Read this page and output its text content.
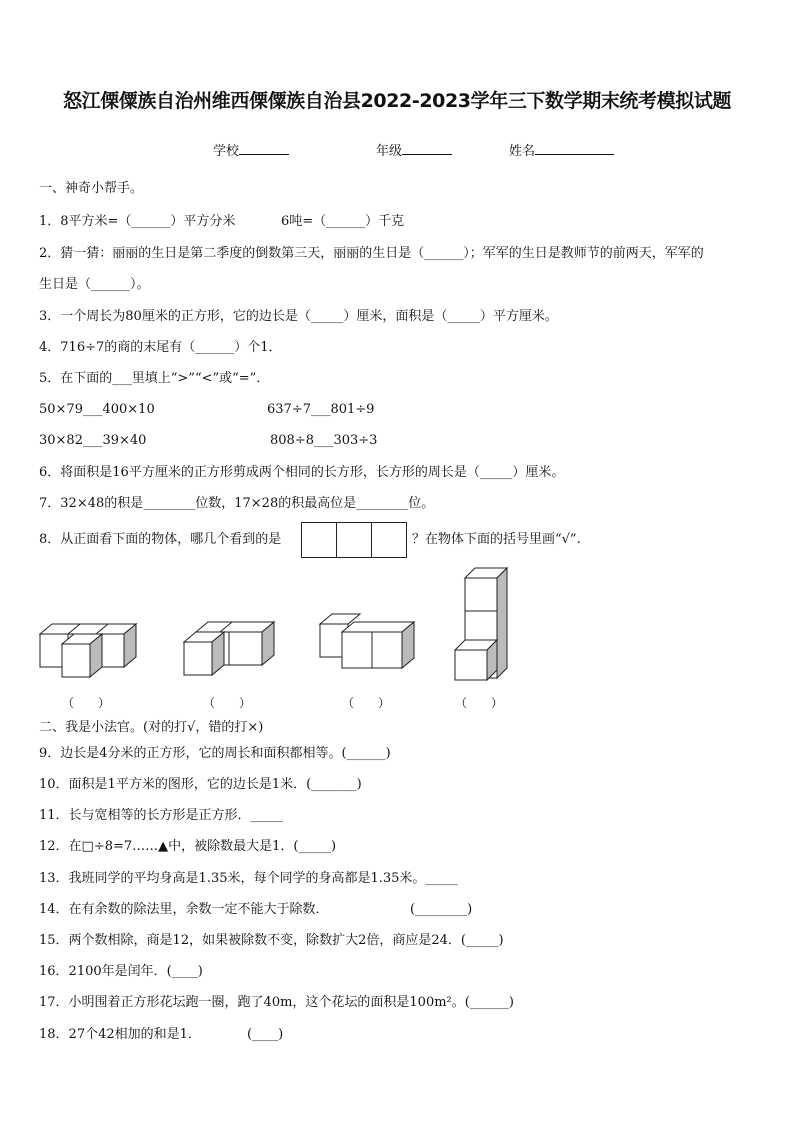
怒江傈僳族自治州维西傈僳族自治县2022-2023学年三下数学期末统考模拟试题
学校	年级	姓名
一、神奇小帮手。
1．8平方米=（______）平方分米	6吨=（______）千克
2．猜一猜：丽丽的生日是第二季度的倒数第三天，丽丽的生日是（______）；军军的生日是教师节的前两天，军军的
生日是（______）。
3．一个周长为80厘米的正方形，它的边长是（_____）厘米，面积是（_____）平方厘米。
4．716÷7的商的末尾有（______）个1．
5．在下面的___里填上“>”“<”或“=”．
50×79___400×10	637÷7___801÷9
30×82___39×40	808÷8___303÷3
6．将面积是16平方厘米的正方形剪成两个相同的长方形，长方形的周长是（_____）厘米。
7．32×48的积是________位数，17×28的积最高位是________位。
8．从正面看下面的物体，哪几个看到的是	？在物体下面的括号里画“√”.
（　　）	（　　）	（　　）	（　　）
二、我是小法官。(对的打√，错的打×)
9．边长是4分米的正方形，它的周长和面积都相等。(______)
10．面积是1平方米的图形，它的边长是1米．(_______)
11．长与宽相等的长方形是正方形．_____
12．在□÷8=7……▲中，被除数最大是1．(_____)
13．我班同学的平均身高是1.35米，每个同学的身高都是1.35米。_____
14．在有余数的除法里，余数一定不能大于除数．	(________)
15．两个数相除，商是12，如果被除数不变，除数扩大2倍，商应是24．(_____)
16．2100年是闰年．(____)
17．小明围着正方形花坛跑一圈，跑了40m，这个花坛的面积是100m²。(______)
18．27个42相加的和是1．	(____)
